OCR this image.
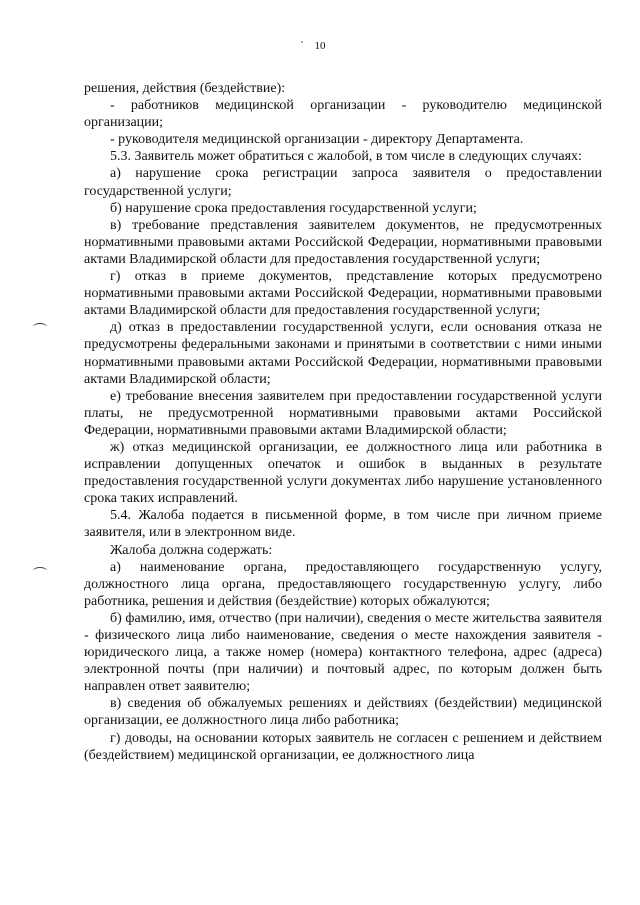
10

решения, действия (бездействие):

- работников медицинской организации - руководителю медицинской организации;

- руководителя медицинской организации - директору Департамента.

5.3. Заявитель может обратиться с жалобой, в том числе в следующих случаях:

а) нарушение срока регистрации запроса заявителя о предоставлении государственной услуги;

б) нарушение срока предоставления государственной услуги;

в) требование представления заявителем документов, не предусмотренных нормативными правовыми актами Российской Федерации, нормативными правовыми актами Владимирской области для предоставления государственной услуги;

г) отказ в приеме документов, представление которых предусмотрено нормативными правовыми актами Российской Федерации, нормативными правовыми актами Владимирской области для предоставления государственной услуги;

д) отказ в предоставлении государственной услуги, если основания отказа не предусмотрены федеральными законами и принятыми в соответствии с ними иными нормативными правовыми актами Российской Федерации, нормативными правовыми актами Владимирской области;

е) требование внесения заявителем при предоставлении государственной услуги платы, не предусмотренной нормативными правовыми актами Российской Федерации, нормативными правовыми актами Владимирской области;

ж) отказ медицинской организации, ее должностного лица или работника в исправлении допущенных опечаток и ошибок в выданных в результате предоставления государственной услуги документах либо нарушение установленного срока таких исправлений.

5.4. Жалоба подается в письменной форме, в том числе при личном приеме заявителя, или в электронном виде.

Жалоба должна содержать:

а) наименование органа, предоставляющего государственную услугу, должностного лица органа, предоставляющего государственную услугу, либо работника, решения и действия (бездействие) которых обжалуются;

б) фамилию, имя, отчество (при наличии), сведения о месте жительства заявителя - физического лица либо наименование, сведения о месте нахождения заявителя - юридического лица, а также номер (номера) контактного телефона, адрес (адреса) электронной почты (при наличии) и почтовый адрес, по которым должен быть направлен ответ заявителю;

в) сведения об обжалуемых решениях и действиях (бездействии) медицинской организации, ее должностного лица либо работника;

г) доводы, на основании которых заявитель не согласен с решением и действием (бездействием) медицинской организации, ее должностного лица
